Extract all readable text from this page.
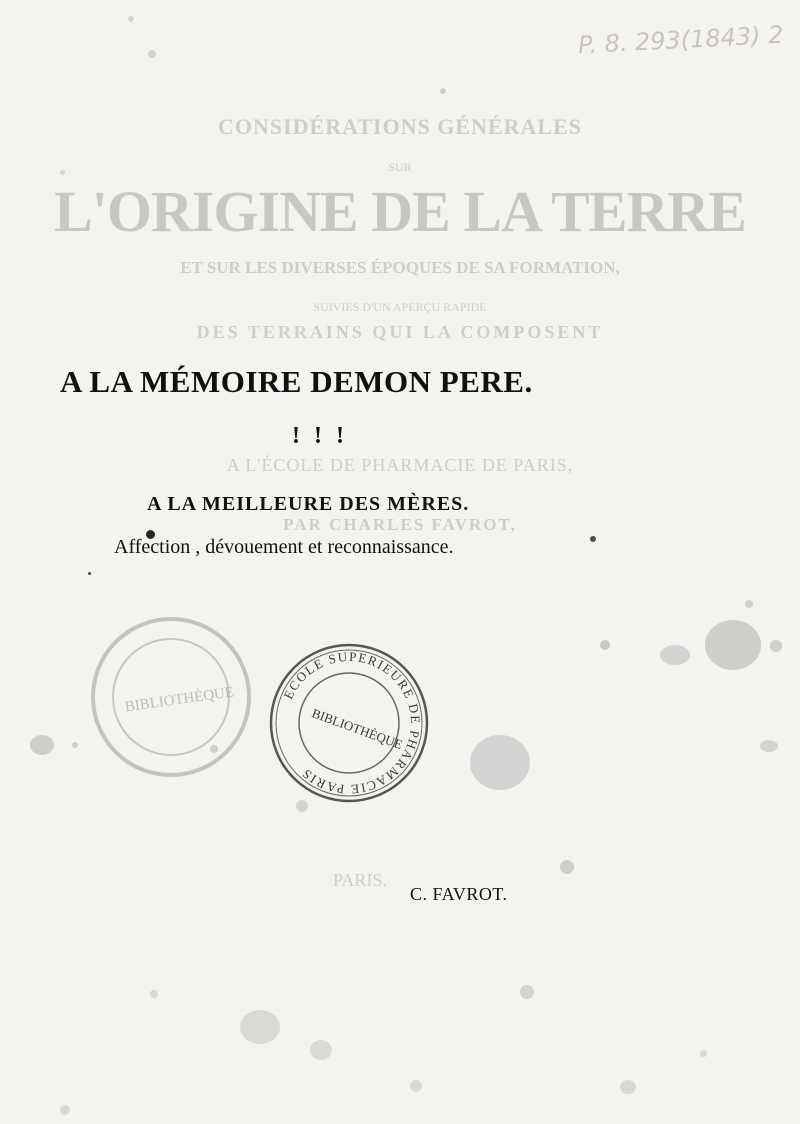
CONSIDÉRATIONS GÉNÉRALES
SUR
L'ORIGINE DE LA TERRE
ET SUR LES DIVERSES ÉPOQUES DE SA FORMATION,
SUIVIES D'UN APERÇU RAPIDE
DES TERRAINS QUI LA COMPOSENT
A L'ÉCOLE DE PHARMACIE DE PARIS,
PAR CHARLES FAVROT,
PARIS.
P. 8. 293(1843) 2
A LA MÉMOIRE DEMON PERE.
! ! !
A LA MEILLEURE DES MÈRES.
Affection , dévouement et reconnaissance.
BIBLIOTHÈQUE	ECOLE SUPERIEURE DE PHARMACIE PARIS
BIBLIOTHÈQUE
C. FAVROT.
